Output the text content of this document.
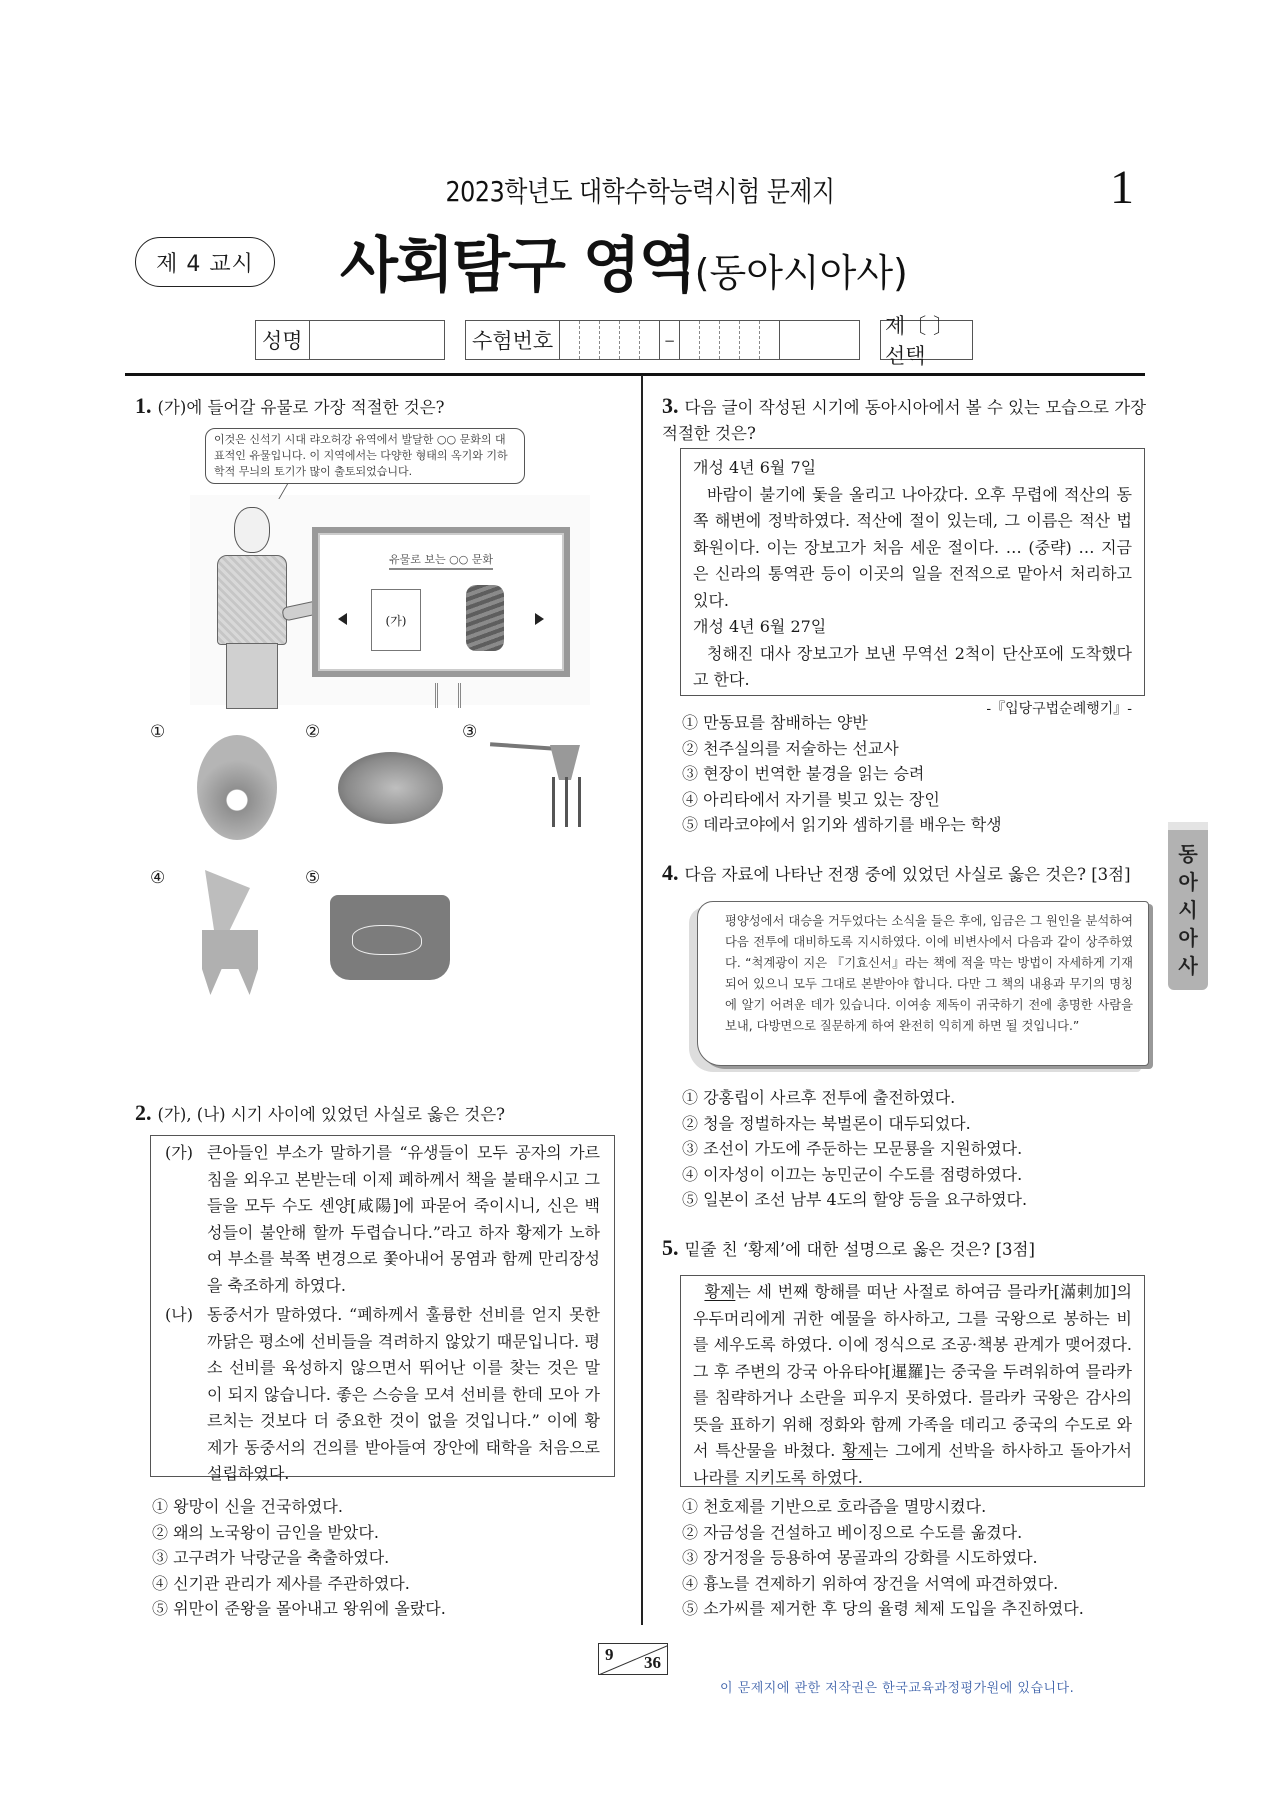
2023학년도 대학수학능력시험 문제지	1
제 4 교시	사회탐구 영역(동아시아사)
성명	수험번호	–
제〔 〕선택
1. (가)에 들어갈 유물로 가장 적절한 것은?
유물로 보는 ○○ 문화
(가)
이것은 신석기 시대 랴오허강 유역에서 발달한 ○○ 문화의 대표적인 유물입니다. 이 지역에서는 다양한 형태의 옥기와 기하학적 무늬의 토기가 많이 출토되었습니다.
①	②	③
④	⑤
2. (가), (나) 시기 사이에 있었던 사실로 옳은 것은?
(가) 큰아들인 부소가 말하기를 “유생들이 모두 공자의 가르침을 외우고 본받는데 이제 폐하께서 책을 불태우시고 그들을 모두 수도 셴양[咸陽]에 파묻어 죽이시니, 신은 백성들이 불안해 할까 두렵습니다.”라고 하자 황제가 노하여 부소를 북쪽 변경으로 쫓아내어 몽염과 함께 만리장성을 축조하게 하였다.
(나) 동중서가 말하였다. “폐하께서 훌륭한 선비를 얻지 못한 까닭은 평소에 선비들을 격려하지 않았기 때문입니다. 평소 선비를 육성하지 않으면서 뛰어난 이를 찾는 것은 말이 되지 않습니다. 좋은 스승을 모셔 선비를 한데 모아 가르치는 것보다 더 중요한 것이 없을 것입니다.” 이에 황제가 동중서의 건의를 받아들여 장안에 태학을 처음으로 설립하였다.
① 왕망이 신을 건국하였다.
② 왜의 노국왕이 금인을 받았다.
③ 고구려가 낙랑군을 축출하였다.
④ 신기관 관리가 제사를 주관하였다.
⑤ 위만이 준왕을 몰아내고 왕위에 올랐다.
3. 다음 글이 작성된 시기에 동아시아에서 볼 수 있는 모습으로 가장 적절한 것은?
개성 4년 6월 7일
바람이 불기에 돛을 올리고 나아갔다. 오후 무렵에 적산의 동쪽 해변에 정박하였다. 적산에 절이 있는데, 그 이름은 적산 법화원이다. 이는 장보고가 처음 세운 절이다. … (중략) … 지금은 신라의 통역관 등이 이곳의 일을 전적으로 맡아서 처리하고 있다.
개성 4년 6월 27일
청해진 대사 장보고가 보낸 무역선 2척이 단산포에 도착했다고 한다.
-『입당구법순례행기』-
① 만동묘를 참배하는 양반
② 천주실의를 저술하는 선교사
③ 현장이 번역한 불경을 읽는 승려
④ 아리타에서 자기를 빚고 있는 장인
⑤ 데라코야에서 읽기와 셈하기를 배우는 학생
4. 다음 자료에 나타난 전쟁 중에 있었던 사실로 옳은 것은? [3점]
평양성에서 대승을 거두었다는 소식을 들은 후에, 임금은 그 원인을 분석하여 다음 전투에 대비하도록 지시하였다. 이에 비변사에서 다음과 같이 상주하였다. “척계광이 지은 『기효신서』라는 책에 적을 막는 방법이 자세하게 기재되어 있으니 모두 그대로 본받아야 합니다. 다만 그 책의 내용과 무기의 명칭에 알기 어려운 데가 있습니다. 이여송 제독이 귀국하기 전에 총명한 사람을 보내, 다방면으로 질문하게 하여 완전히 익히게 하면 될 것입니다.”
① 강홍립이 사르후 전투에 출전하였다.
② 청을 정벌하자는 북벌론이 대두되었다.
③ 조선이 가도에 주둔하는 모문룡을 지원하였다.
④ 이자성이 이끄는 농민군이 수도를 점령하였다.
⑤ 일본이 조선 남부 4도의 할양 등을 요구하였다.
5. 밑줄 친 ‘황제’에 대한 설명으로 옳은 것은? [3점]
황제는 세 번째 항해를 떠난 사절로 하여금 믈라카[滿剌加]의 우두머리에게 귀한 예물을 하사하고, 그를 국왕으로 봉하는 비를 세우도록 하였다. 이에 정식으로 조공·책봉 관계가 맺어졌다. 그 후 주변의 강국 아유타야[暹羅]는 중국을 두려워하여 믈라카를 침략하거나 소란을 피우지 못하였다. 믈라카 국왕은 감사의 뜻을 표하기 위해 정화와 함께 가족을 데리고 중국의 수도로 와서 특산물을 바쳤다. 황제는 그에게 선박을 하사하고 돌아가서 나라를 지키도록 하였다.
① 천호제를 기반으로 호라즘을 멸망시켰다.
② 자금성을 건설하고 베이징으로 수도를 옮겼다.
③ 장거정을 등용하여 몽골과의 강화를 시도하였다.
④ 흉노를 견제하기 위하여 장건을 서역에 파견하였다.
⑤ 소가씨를 제거한 후 당의 율령 체제 도입을 추진하였다.
동
아
시
아
사
9 36
이 문제지에 관한 저작권은 한국교육과정평가원에 있습니다.
